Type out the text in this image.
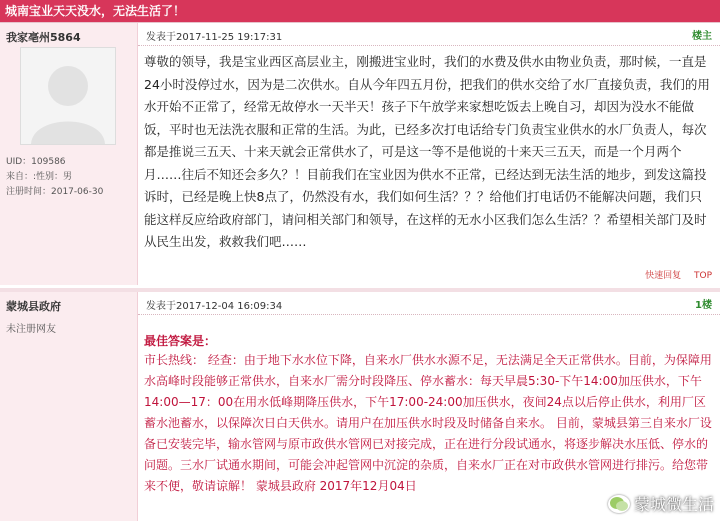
城南宝业天天没水，无法生活了！
我家亳州5864
UID：109586
来自：:性别：男
注册时间：2017-06-30
发表于2017-11-25 19:17:31	楼主
尊敬的领导，我是宝业西区高层业主，刚搬进宝业时，我们的水费及供水由物业负责，那时候，一直是24小时没停过水，因为是二次供水。自从今年四五月份，把我们的供水交给了水厂直接负责，我们的用水开始不正常了，经常无故停水一天半天！孩子下午放学来家想吃饭去上晚自习，却因为没水不能做饭，平时也无法洗衣服和正常的生活。为此，已经多次打电话给专门负责宝业供水的水厂负责人，每次都是推说三五天、十来天就会正常供水了，可是这一等不是他说的十来天三五天，而是一个月两个月……往后不知还会多久？！目前我们在宝业因为供水不正常，已经达到无法生活的地步，到发这篇投诉时，已经是晚上快8点了，仍然没有水，我们如何生活？？？给他们打电话仍不能解决问题，我们只能这样反应给政府部门，请问相关部门和领导，在这样的无水小区我们怎么生活？？希望相关部门及时从民生出发，救救我们吧……
快速回复 TOP
蒙城县政府
未注册网友
发表于2017-12-04 16:09:34	1楼
最佳答案是：
市长热线： 经查：由于地下水水位下降，自来水厂供水水源不足，无法满足全天正常供水。目前，为保障用水高峰时段能够正常供水，自来水厂需分时段降压、停水蓄水：每天早晨5:30-下午14:00加压供水，下午14:00—17：00在用水低峰期降压供水，下午17:00-24:00加压供水，夜间24点以后停止供水，利用厂区蓄水池蓄水，以保障次日白天供水。请用户在加压供水时段及时储备自来水。 目前，蒙城县第三自来水厂设备已安装完毕，输水管网与原市政供水管网已对接完成，正在进行分段试通水，将逐步解决水压低、停水的问题。三水厂试通水期间，可能会冲起管网中沉淀的杂质，自来水厂正在对市政供水管网进行排污。给您带来不便，敬请谅解！ 蒙城县政府 2017年12月04日
蒙城微生活
